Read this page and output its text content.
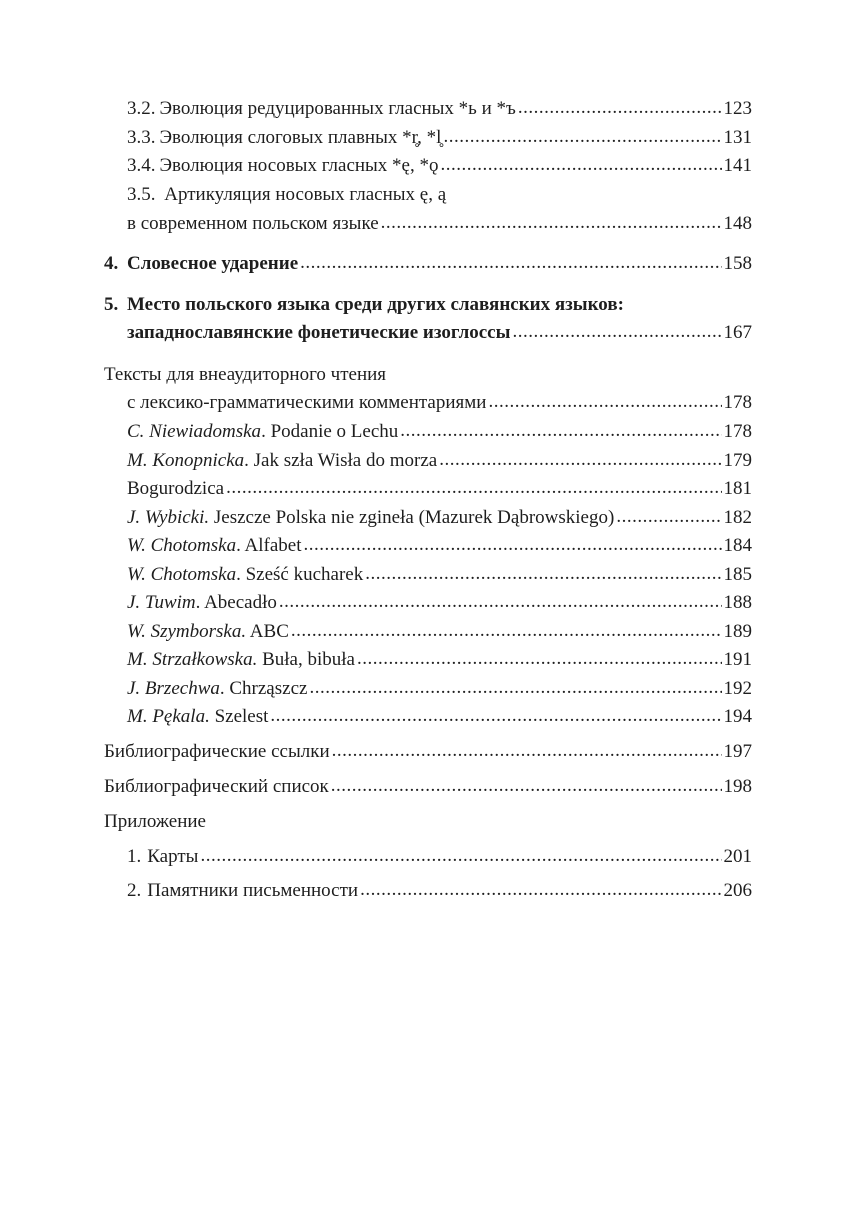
3.2. Эволюция редуцированных гласных *ь и *ъ .....	123
3.3. Эволюция слоговых плавных *r̥, *l̥ .....	131
3.4. Эволюция носовых гласных *ę, *ǫ .....	141
3.5. Артикуляция носовых гласных ę, ą
в современном польском языке .....	148
4. Словесное ударение .....	158
5. Место польского языка среди других славянских языков:
западнославянские фонетические изоглоссы .....	167
Тексты для внеаудиторного чтения
с лексико-грамматическими комментариями .....	178
C. Niewiadomska . Podanie o Lechu .....	178
M. Konopnicka . Jak szła Wisła do morza .....	179
Bogurodzica .....	181
J. Wybicki. Jeszcze Polska nie zgineła (Mazurek Dąbrowskiego) .....	182
W. Chotomska . Alfabet .....	184
W. Chotomska . Sześć kucharek .....	185
J. Tuwim . Abecadło .....	188
W. Szymborska. ABC .....	189
M. Strzałkowska. Buła, bibuła .....	191
J. Brzechwa . Chrząszcz .....	192
M. Pękala. Szelest .....	194
Библиографические ссылки .....	197
Библиографический список .....	198
Приложение
1. Карты .....	201
2. Памятники письменности .....	206
